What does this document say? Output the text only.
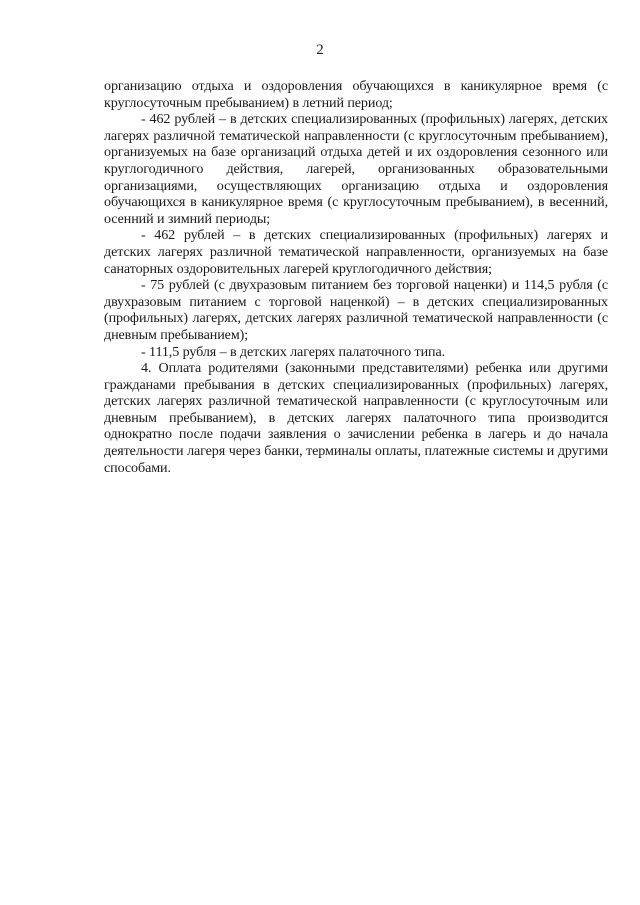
2

организацию отдыха и оздоровления обучающихся в каникулярное время (с круглосуточным пребыванием) в летний период;

- 462 рублей – в детских специализированных (профильных) лагерях, детских лагерях различной тематической направленности (с круглосуточным пребыванием), организуемых на базе организаций отдыха детей и их оздоровления сезонного или круглогодичного действия, лагерей, организованных образовательными организациями, осуществляющих организацию отдыха и оздоровления обучающихся в каникулярное время (с круглосуточным пребыванием), в весенний, осенний и зимний периоды;

- 462 рублей – в детских специализированных (профильных) лагерях и детских лагерях различной тематической направленности, организуемых на базе санаторных оздоровительных лагерей круглогодичного действия;

- 75 рублей (с двухразовым питанием без торговой наценки) и 114,5 рубля (с двухразовым питанием с торговой наценкой) – в детских специализированных (профильных) лагерях, детских лагерях различной тематической направленности (с дневным пребыванием);

- 111,5 рубля – в детских лагерях палаточного типа.

4. Оплата родителями (законными представителями) ребенка или другими гражданами пребывания в детских специализированных (профильных) лагерях, детских лагерях различной тематической направленности (с круглосуточным или дневным пребыванием), в детских лагерях палаточного типа производится однократно после подачи заявления о зачислении ребенка в лагерь и до начала деятельности лагеря через банки, терминалы оплаты, платежные системы и другими способами.
